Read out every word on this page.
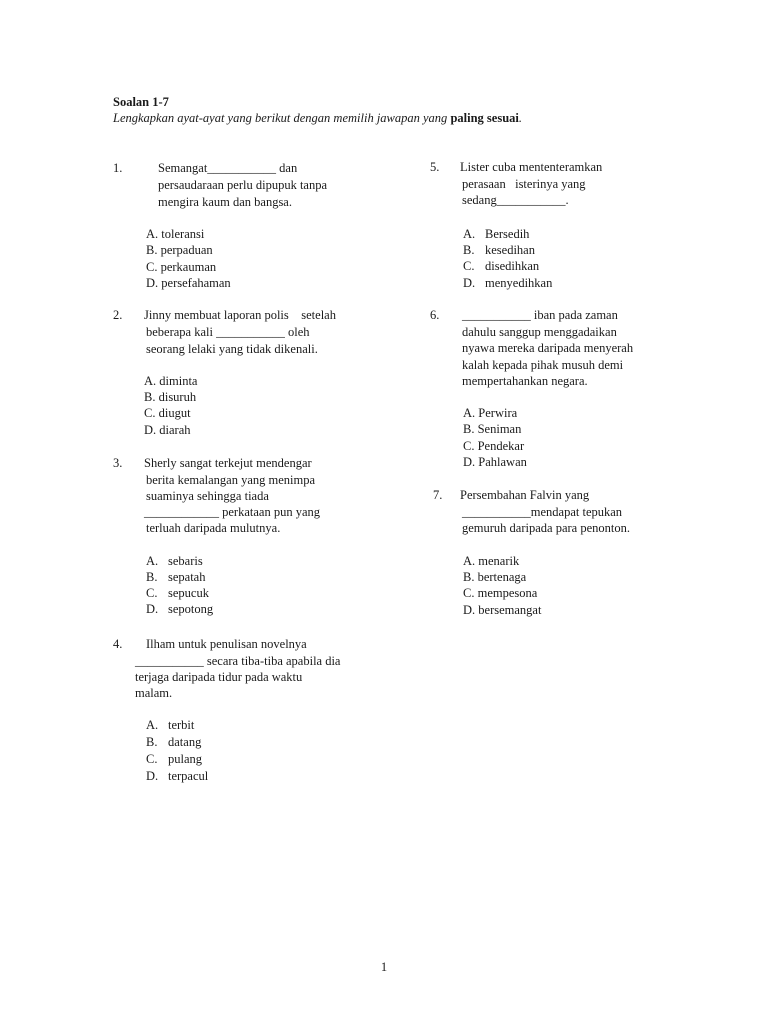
Soalan 1-7
Lengkapkan ayat-ayat yang berikut dengan memilih jawapan yang paling sesuai.
1.	Semangat___________ dan
persaudaraan perlu dipupuk tanpa
mengira kaum dan bangsa.
A. toleransi
B. perpaduan
C. perkauman
D. persefahaman
2. Jinny membuat laporan polis    setelah
beberapa kali ___________ oleh
seorang lelaki yang tidak dikenali.
A. diminta
B. disuruh
C. diugut
D. diarah
3. Sherly sangat terkejut mendengar
berita kemalangan yang menimpa
suaminya sehingga tiada
____________ perkataan pun yang
terluah daripada mulutnya.
A. sebaris
B. sepatah
C. sepucuk
D. sepotong
4. Ilham untuk penulisan novelnya
___________ secara tiba-tiba apabila dia
terjaga daripada tidur pada waktu
malam.
A. terbit
B. datang
C. pulang
D. terpacul
5. Lister cuba mententeramkan
perasaan   isterinya yang
sedang___________.
A. Bersedih
B. kesedihan
C. disedihkan
D. menyedihkan
6. ___________ iban pada zaman
dahulu sanggup menggadaikan
nyawa mereka daripada menyerah
kalah kepada pihak musuh demi
mempertahankan negara.
A. Perwira
B. Seniman
C. Pendekar
D. Pahlawan
7. Persembahan Falvin yang
___________mendapat tepukan
gemuruh daripada para penonton.
A. menarik
B. bertenaga
C. mempesona
D. bersemangat
1
